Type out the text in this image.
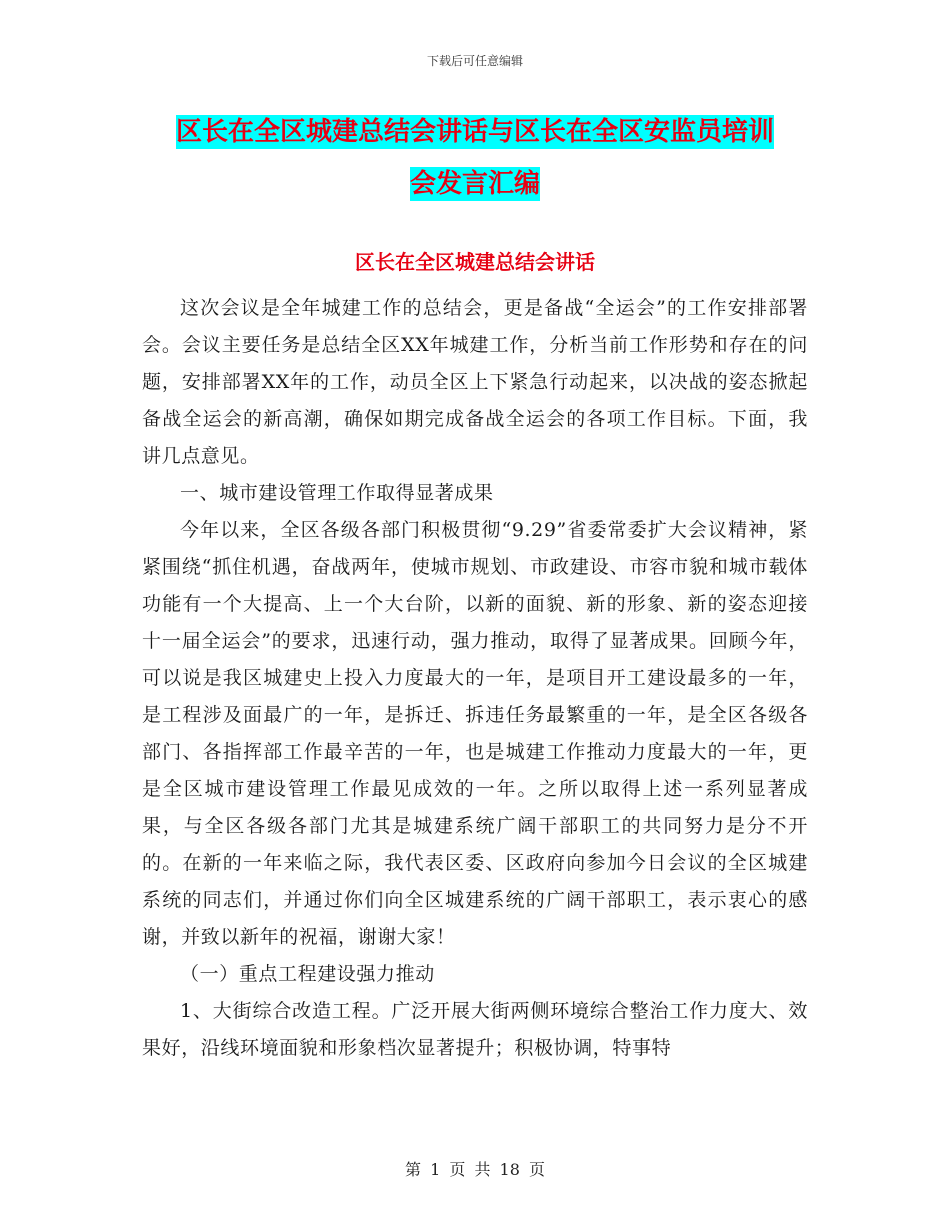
下载后可任意编辑
区长在全区城建总结会讲话与区长在全区安监员培训
会发言汇编
区长在全区城建总结会讲话

这次会议是全年城建工作的总结会，更是备战“全运会”的工作安排部署会。会议主要任务是总结全区XX年城建工作，分析当前工作形势和存在的问题，安排部署XX年的工作，动员全区上下紧急行动起来，以决战的姿态掀起备战全运会的新高潮，确保如期完成备战全运会的各项工作目标。下面，我讲几点意见。

一、城市建设管理工作取得显著成果

今年以来，全区各级各部门积极贯彻“9.29”省委常委扩大会议精神，紧紧围绕“抓住机遇，奋战两年，使城市规划、市政建设、市容市貌和城市载体功能有一个大提高、上一个大台阶，以新的面貌、新的形象、新的姿态迎接十一届全运会”的要求，迅速行动，强力推动，取得了显著成果。回顾今年，可以说是我区城建史上投入力度最大的一年，是项目开工建设最多的一年，是工程涉及面最广的一年，是拆迁、拆违任务最繁重的一年，是全区各级各部门、各指挥部工作最辛苦的一年，也是城建工作推动力度最大的一年，更是全区城市建设管理工作最见成效的一年。之所以取得上述一系列显著成果，与全区各级各部门尤其是城建系统广阔干部职工的共同努力是分不开的。在新的一年来临之际，我代表区委、区政府向参加今日会议的全区城建系统的同志们，并通过你们向全区城建系统的广阔干部职工，表示衷心的感谢，并致以新年的祝福，谢谢大家！

（一）重点工程建设强力推动

1、大街综合改造工程。广泛开展大街两侧环境综合整治工作力度大、效果好，沿线环境面貌和形象档次显著提升；积极协调，特事特

第 1 页 共 18 页
